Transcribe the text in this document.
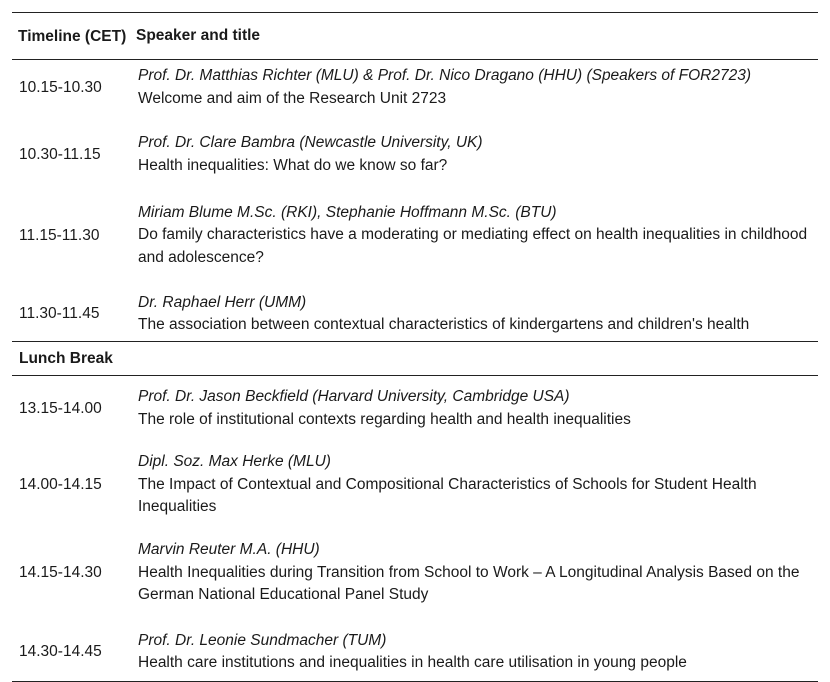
Timeline (CET) Speaker and title
10.15-10.30
Prof. Dr. Matthias Richter (MLU) & Prof. Dr. Nico Dragano (HHU) (Speakers of FOR2723)
Welcome and aim of the Research Unit 2723
10.30-11.15
Prof. Dr. Clare Bambra (Newcastle University, UK)
Health inequalities: What do we know so far?
11.15-11.30
Miriam Blume M.Sc. (RKI), Stephanie Hoffmann M.Sc. (BTU)
Do family characteristics have a moderating or mediating effect on health inequalities in childhood and adolescence?
11.30-11.45
Dr. Raphael Herr (UMM)
The association between contextual characteristics of kindergartens and children's health
Lunch Break
13.15-14.00
Prof. Dr. Jason Beckfield (Harvard University, Cambridge USA)
The role of institutional contexts regarding health and health inequalities
14.00-14.15
Dipl. Soz. Max Herke (MLU)
The Impact of Contextual and Compositional Characteristics of Schools for Student Health Inequalities
14.15-14.30
Marvin Reuter M.A. (HHU)
Health Inequalities during Transition from School to Work – A Longitudinal Analysis Based on the German National Educational Panel Study
14.30-14.45
Prof. Dr. Leonie Sundmacher (TUM)
Health care institutions and inequalities in health care utilisation in young people
